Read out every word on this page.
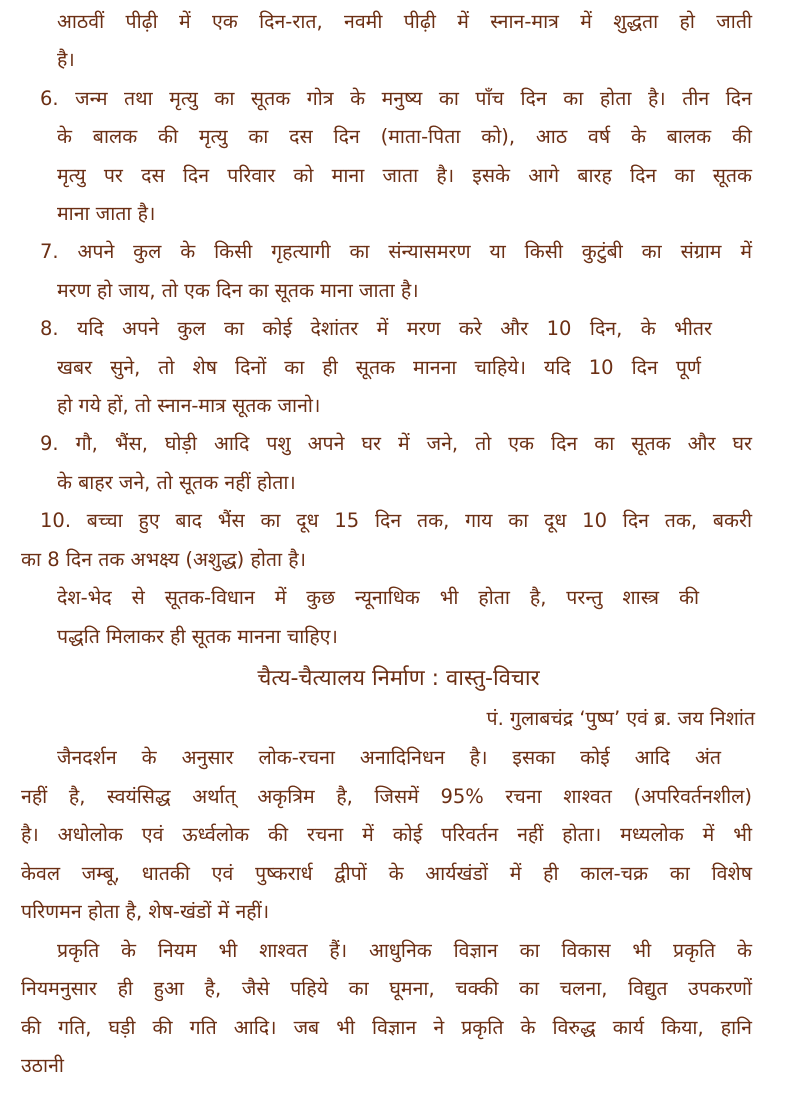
आठवीं पीढ़ी में एक दिन-रात, नवमी पीढ़ी में स्नान-मात्र में शुद्धता हो जाती
है।
6. जन्म तथा मृत्यु का सूतक गोत्र के मनुष्य का पाँच दिन का होता है। तीन दिन
के बालक की मृत्यु का दस दिन (माता-पिता को), आठ वर्ष के बालक की
मृत्यु पर दस दिन परिवार को माना जाता है। इसके आगे बारह दिन का सूतक
माना जाता है।
7. अपने कुल के किसी गृहत्यागी का संन्यासमरण या किसी कुटुंबी का संग्राम में
मरण हो जाय, तो एक दिन का सूतक माना जाता है।
8. यदि अपने कुल का कोई देशांतर में मरण करे और 10 दिन, के भीतर
खबर सुने, तो शेष दिनों का ही सूतक मानना चाहिये। यदि 10 दिन पूर्ण
हो गये हों, तो स्नान-मात्र सूतक जानो।
9. गौ, भैंस, घोड़ी आदि पशु अपने घर में जने, तो एक दिन का सूतक और घर
के बाहर जने, तो सूतक नहीं होता।
10. बच्चा हुए बाद भैंस का दूध 15 दिन तक, गाय का दूध 10 दिन तक, बकरी
का 8 दिन तक अभक्ष्य (अशुद्ध) होता है।
देश-भेद से सूतक-विधान में कुछ न्यूनाधिक भी होता है, परन्तु शास्त्र की
पद्धति मिलाकर ही सूतक मानना चाहिए।
चैत्य-चैत्यालय निर्माण : वास्तु-विचार
पं. गुलाबचंद्र ‘पुष्प’ एवं ब्र. जय निशांत
जैनदर्शन के अनुसार लोक-रचना अनादिनिधन है। इसका कोई आदि अंत
नहीं है, स्वयंसिद्ध अर्थात् अकृत्रिम है, जिसमें 95% रचना शाश्वत (अपरिवर्तनशील)
है। अधोलोक एवं ऊर्ध्वलोक की रचना में कोई परिवर्तन नहीं होता। मध्यलोक में भी
केवल जम्बू, धातकी एवं पुष्करार्ध द्वीपों के आर्यखंडों में ही काल-चक्र का विशेष
परिणमन होता है, शेष-खंडों में नहीं।
प्रकृति के नियम भी शाश्वत हैं। आधुनिक विज्ञान का विकास भी प्रकृति के
नियमनुसार ही हुआ है, जैसे पहिये का घूमना, चक्की का चलना, विद्युत उपकरणों
की गति, घड़ी की गति आदि। जब भी विज्ञान ने प्रकृति के विरुद्ध कार्य किया, हानि
उठानी
